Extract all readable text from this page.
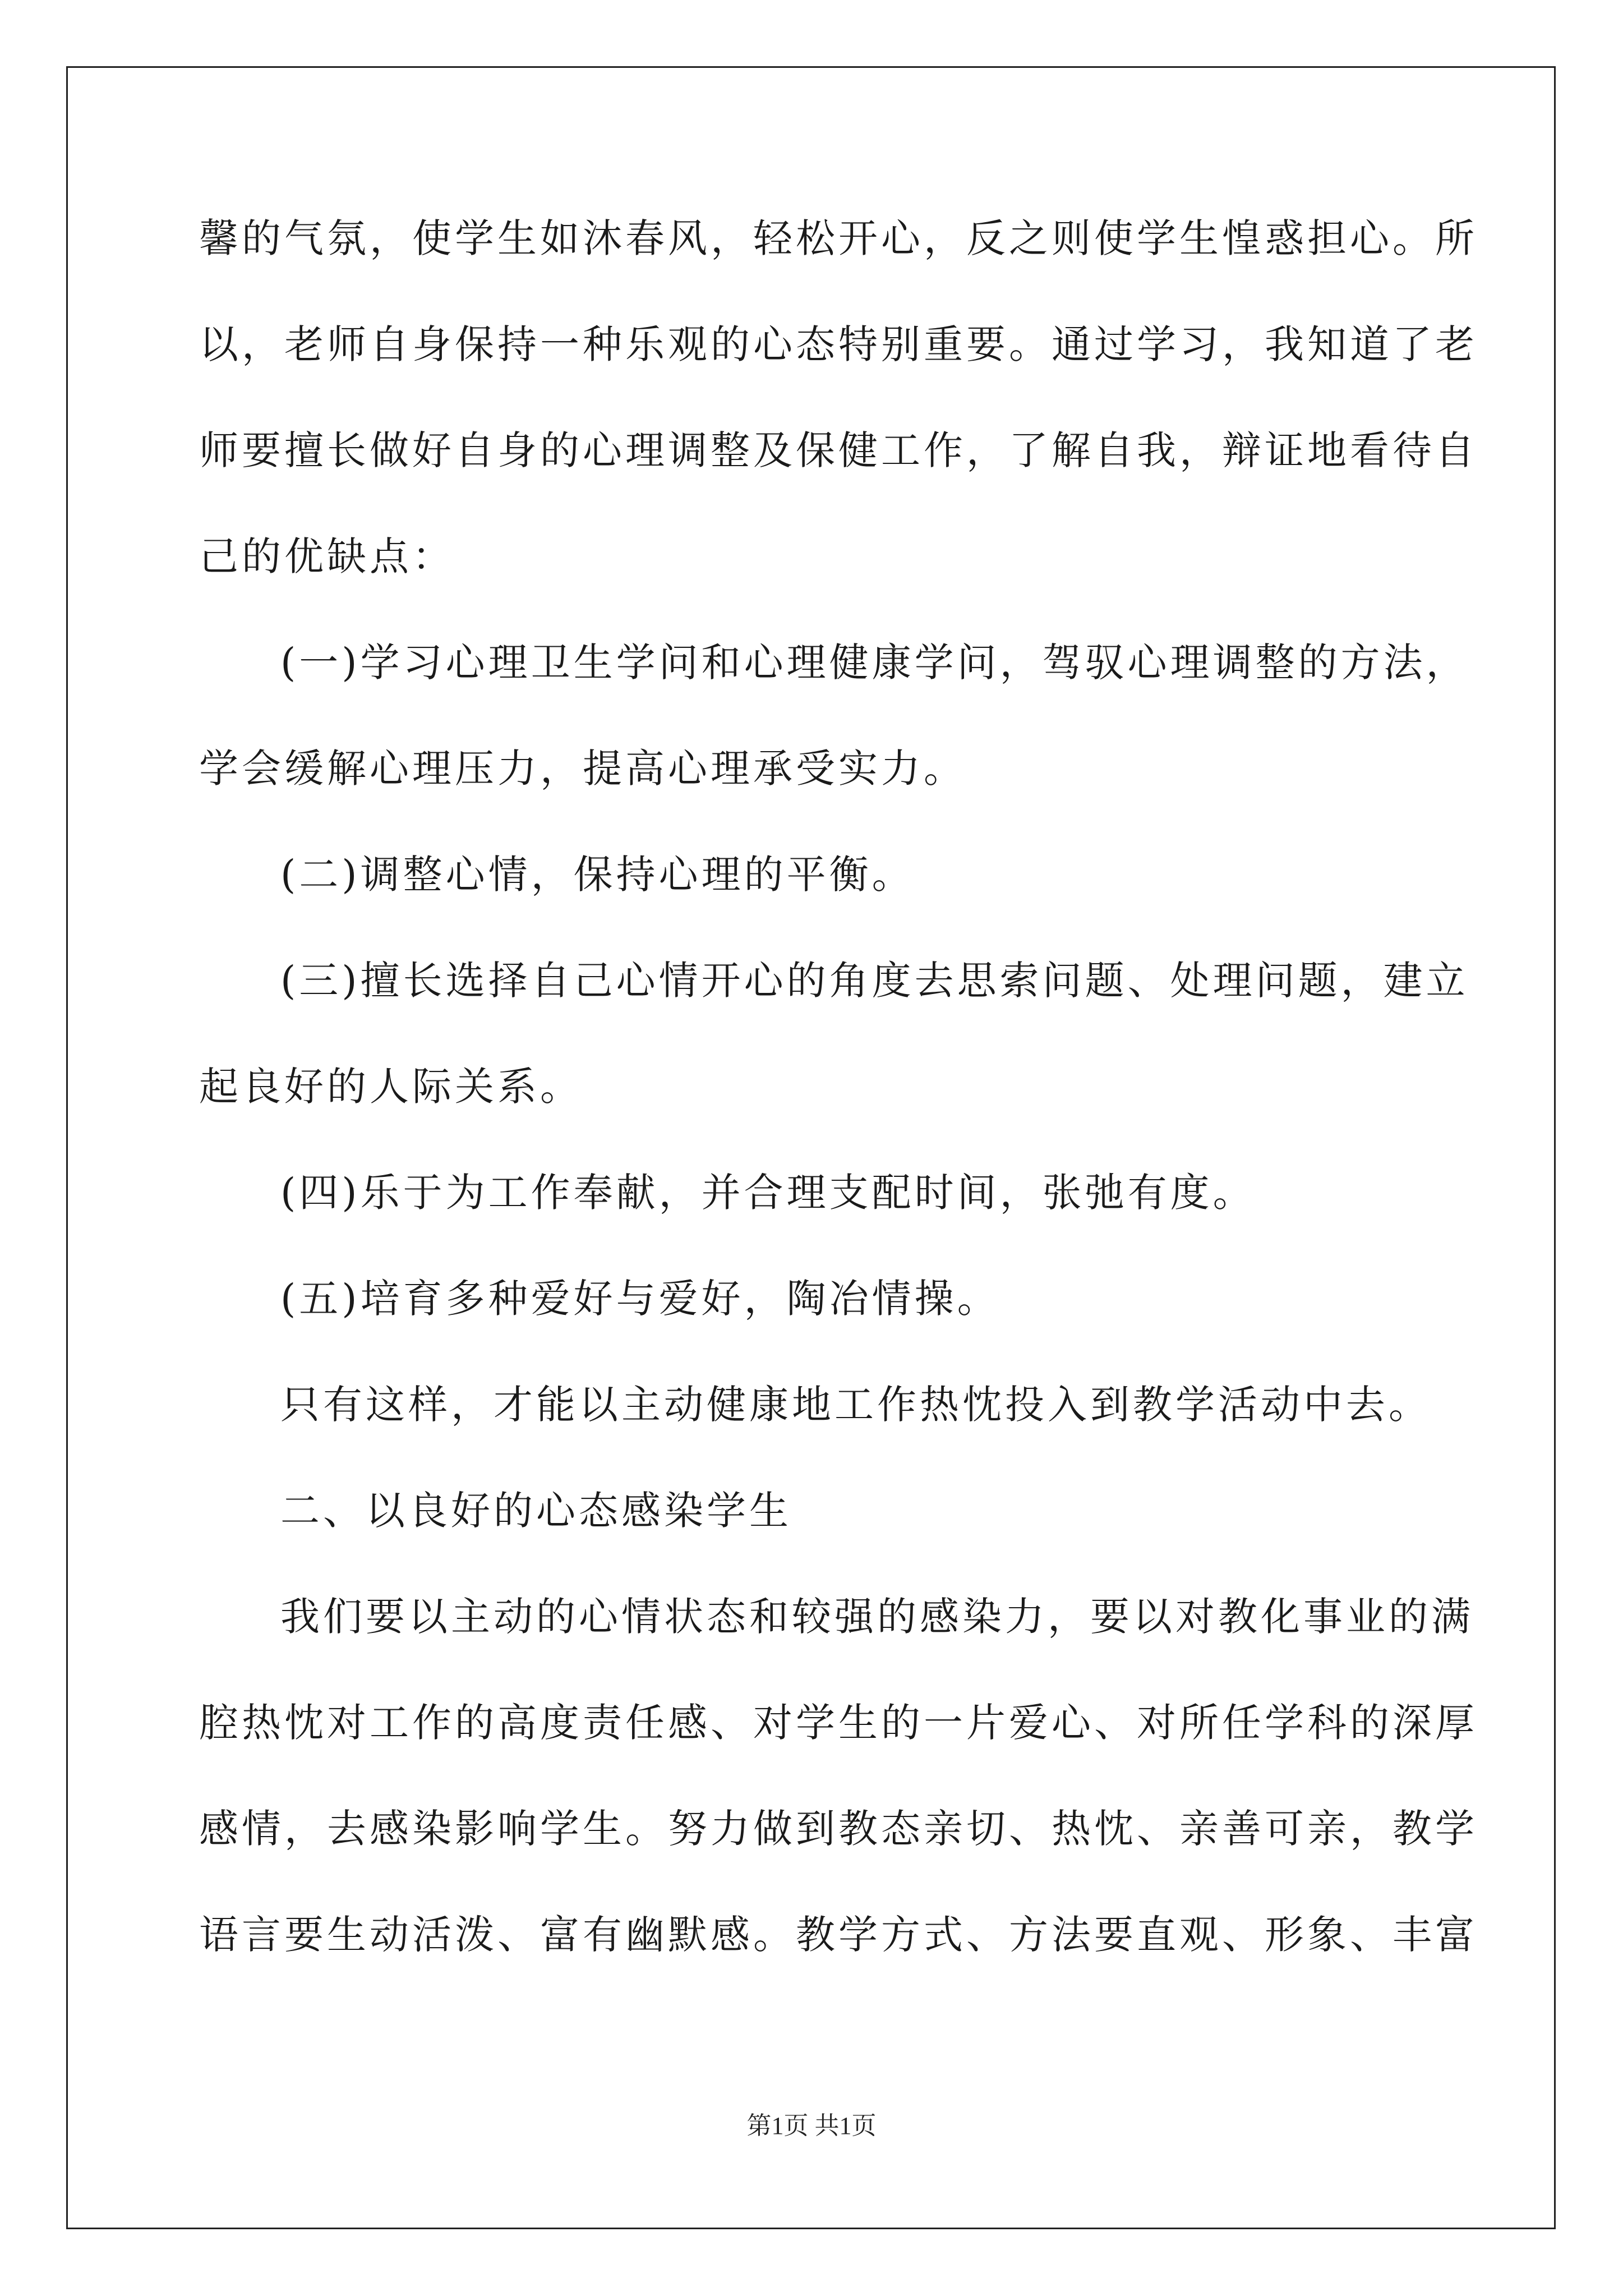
馨的气氛，使学生如沐春风，轻松开心，反之则使学生惶惑担心。所
以，老师自身保持一种乐观的心态特别重要。通过学习，我知道了老
师要擅长做好自身的心理调整及保健工作，了解自我，辩证地看待自
己的优缺点：
(一)学习心理卫生学问和心理健康学问，驾驭心理调整的方法，
学会缓解心理压力，提高心理承受实力。
(二)调整心情，保持心理的平衡。
(三)擅长选择自己心情开心的角度去思索问题、处理问题，建立
起良好的人际关系。
(四)乐于为工作奉献，并合理支配时间，张弛有度。
(五)培育多种爱好与爱好，陶冶情操。
只有这样，才能以主动健康地工作热忱投入到教学活动中去。
二、以良好的心态感染学生
我们要以主动的心情状态和较强的感染力，要以对教化事业的满
腔热忱对工作的高度责任感、对学生的一片爱心、对所任学科的深厚
感情，去感染影响学生。努力做到教态亲切、热忱、亲善可亲，教学
语言要生动活泼、富有幽默感。教学方式、方法要直观、形象、丰富
第1页 共1页
